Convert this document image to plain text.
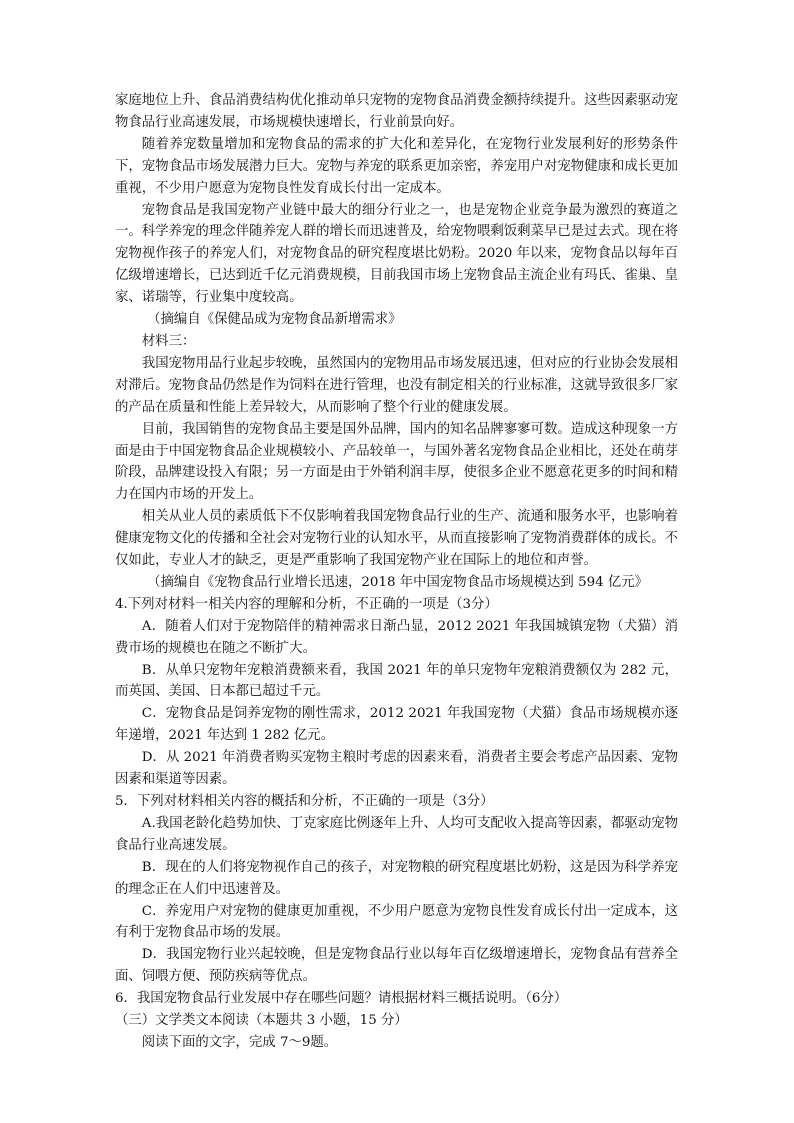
家庭地位上升、食品消费结构优化推动单只宠物的宠物食品消费金额持续提升。这些因素驱动宠物食品行业高速发展，市场规模快速增长，行业前景向好。

随着养宠数量增加和宠物食品的需求的扩大化和差异化，在宠物行业发展利好的形势条件下，宠物食品市场发展潜力巨大。宠物与养宠的联系更加亲密，养宠用户对宠物健康和成长更加重视，不少用户愿意为宠物良性发育成长付出一定成本。

宠物食品是我国宠物产业链中最大的细分行业之一，也是宠物企业竞争最为激烈的赛道之一。科学养宠的理念伴随养宠人群的增长而迅速普及，给宠物喂剩饭剩菜早已是过去式。现在将宠物视作孩子的养宠人们，对宠物食品的研究程度堪比奶粉。2020 年以来，宠物食品以每年百亿级增速增长，已达到近千亿元消费规模，目前我国市场上宠物食品主流企业有玛氏、雀巢、皇家、诺瑞等，行业集中度较高。

（摘编自《保健品成为宠物食品新增需求》

材料三：

我国宠物用品行业起步较晚，虽然国内的宠物用品市场发展迅速，但对应的行业协会发展相对滞后。宠物食品仍然是作为饲料在进行管理，也没有制定相关的行业标准，这就导致很多厂家的产品在质量和性能上差异较大，从而影响了整个行业的健康发展。

目前，我国销售的宠物食品主要是国外品牌，国内的知名品牌寥寥可数。造成这种现象一方面是由于中国宠物食品企业规模较小、产品较单一，与国外著名宠物食品企业相比，还处在萌芽阶段，品牌建设投入有限；另一方面是由于外销利润丰厚，使很多企业不愿意花更多的时间和精力在国内市场的开发上。

相关从业人员的素质低下不仅影响着我国宠物食品行业的生产、流通和服务水平，也影响着健康宠物文化的传播和全社会对宠物行业的认知水平，从而直接影响了宠物消费群体的成长。不仅如此，专业人才的缺乏，更是严重影响了我国宠物产业在国际上的地位和声誉。

（摘编自《宠物食品行业增长迅速，2018 年中国宠物食品市场规模达到 594 亿元》

4.下列对材料一相关内容的理解和分析，不正确的一项是（3分）

A．随着人们对于宠物陪伴的精神需求日渐凸显，2012 2021 年我国城镇宠物（犬猫）消费市场的规模也在随之不断扩大。

B．从单只宠物年宠粮消费额来看，我国 2021 年的单只宠物年宠粮消费额仅为 282 元，而英国、美国、日本都已超过千元。

C．宠物食品是饲养宠物的刚性需求，2012 2021 年我国宠物（犬猫）食品市场规模亦逐年递增，2021 年达到 1 282 亿元。

D．从 2021 年消费者购买宠物主粮时考虑的因素来看，消费者主要会考虑产品因素、宠物因素和渠道等因素。

5．下列对材料相关内容的概括和分析，不正确的一项是（3分）

A.我国老龄化趋势加快、丁克家庭比例逐年上升、人均可支配收入提高等因素，都驱动宠物食品行业高速发展。

B．现在的人们将宠物视作自己的孩子，对宠物粮的研究程度堪比奶粉，这是因为科学养宠的理念正在人们中迅速普及。

C．养宠用户对宠物的健康更加重视，不少用户愿意为宠物良性发育成长付出一定成本，这有利于宠物食品市场的发展。

D．我国宠物行业兴起较晚，但是宠物食品行业以每年百亿级增速增长，宠物食品有营养全面、饲喂方便、预防疾病等优点。

6．我国宠物食品行业发展中存在哪些问题？请根据材料三概括说明。（6分）

（三）文学类文本阅读（本题共 3 小题，15 分）

阅读下面的文字，完成 7～9题。
